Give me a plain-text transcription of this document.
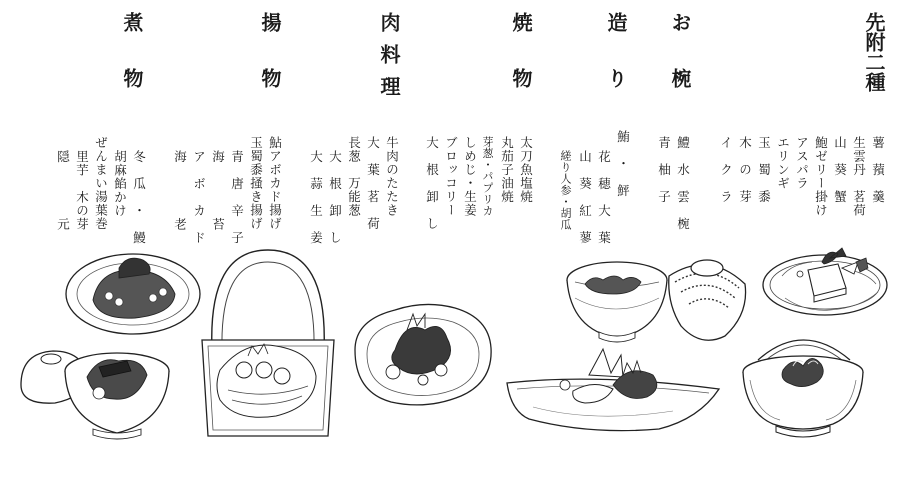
先附二種
お椀
造り
焼物
肉料理
揚物
煮物
薯　蕷　羹
生雲丹　茗荷
山　葵　蟹
鮑ゼリー掛け
アスパラ
エリンギ
玉　蜀　黍
木　の　芽
イ　ク　ラ
鱧　水　雲　椀
青　柚　子
鮪　・　鮃
花　穂　大　葉
山　葵　紅　蓼
縒り人参・胡瓜
太刀魚塩焼
丸茄子油焼
芽葱・パプリカ
しめじ・生姜
ブロッコリー
大　根　卸　し
牛肉のたたき
大　葉　茗　荷
長葱　万能葱
大　根　卸　し
大　蒜　生　姜
鮎アボカド揚げ
玉蜀黍掻き揚げ
青　唐　辛　子
海　　　　苔
ア　ボ　カ　ド
海　　　　老
冬　瓜　・　鰻
胡麻餡かけ
ぜんまい湯葉巻
里芋　木の芽
隠　　　　元
